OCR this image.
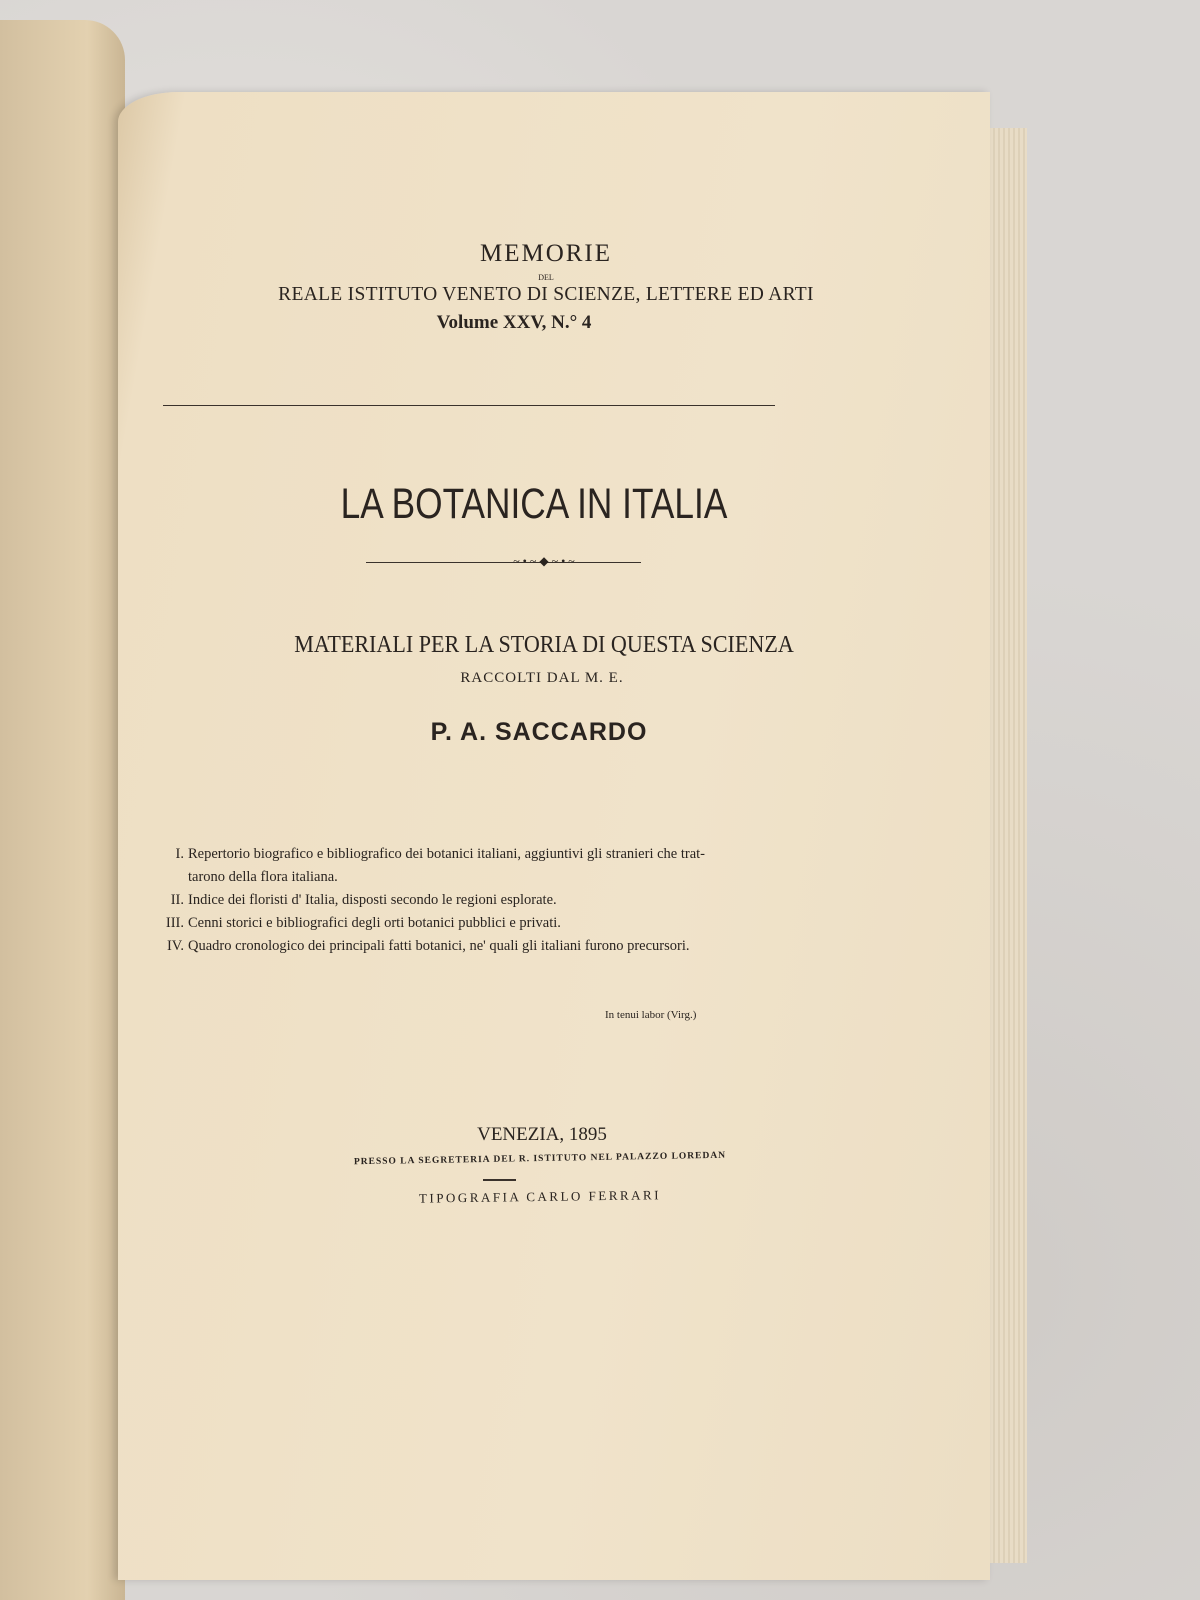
MEMORIE
DEL
REALE ISTITUTO VENETO DI SCIENZE, LETTERE ED ARTI
Volume XXV, N.° 4
LA BOTANICA IN ITALIA
~ • ~ ◆ ~ • ~
MATERIALI PER LA STORIA DI QUESTA SCIENZA
RACCOLTI DAL M. E.
P. A. SACCARDO
I. Repertorio biografico e bibliografico dei botanici italiani, aggiuntivi gli stranieri che trat-
tarono della flora italiana.
II. Indice dei floristi d' Italia, disposti secondo le regioni esplorate.
III. Cenni storici e bibliografici degli orti botanici pubblici e privati.
IV. Quadro cronologico dei principali fatti botanici, ne' quali gli italiani furono precursori.
In tenui labor (Virg.)
VENEZIA, 1895
PRESSO LA SEGRETERIA DEL R. ISTITUTO NEL PALAZZO LOREDAN
TIPOGRAFIA CARLO FERRARI
